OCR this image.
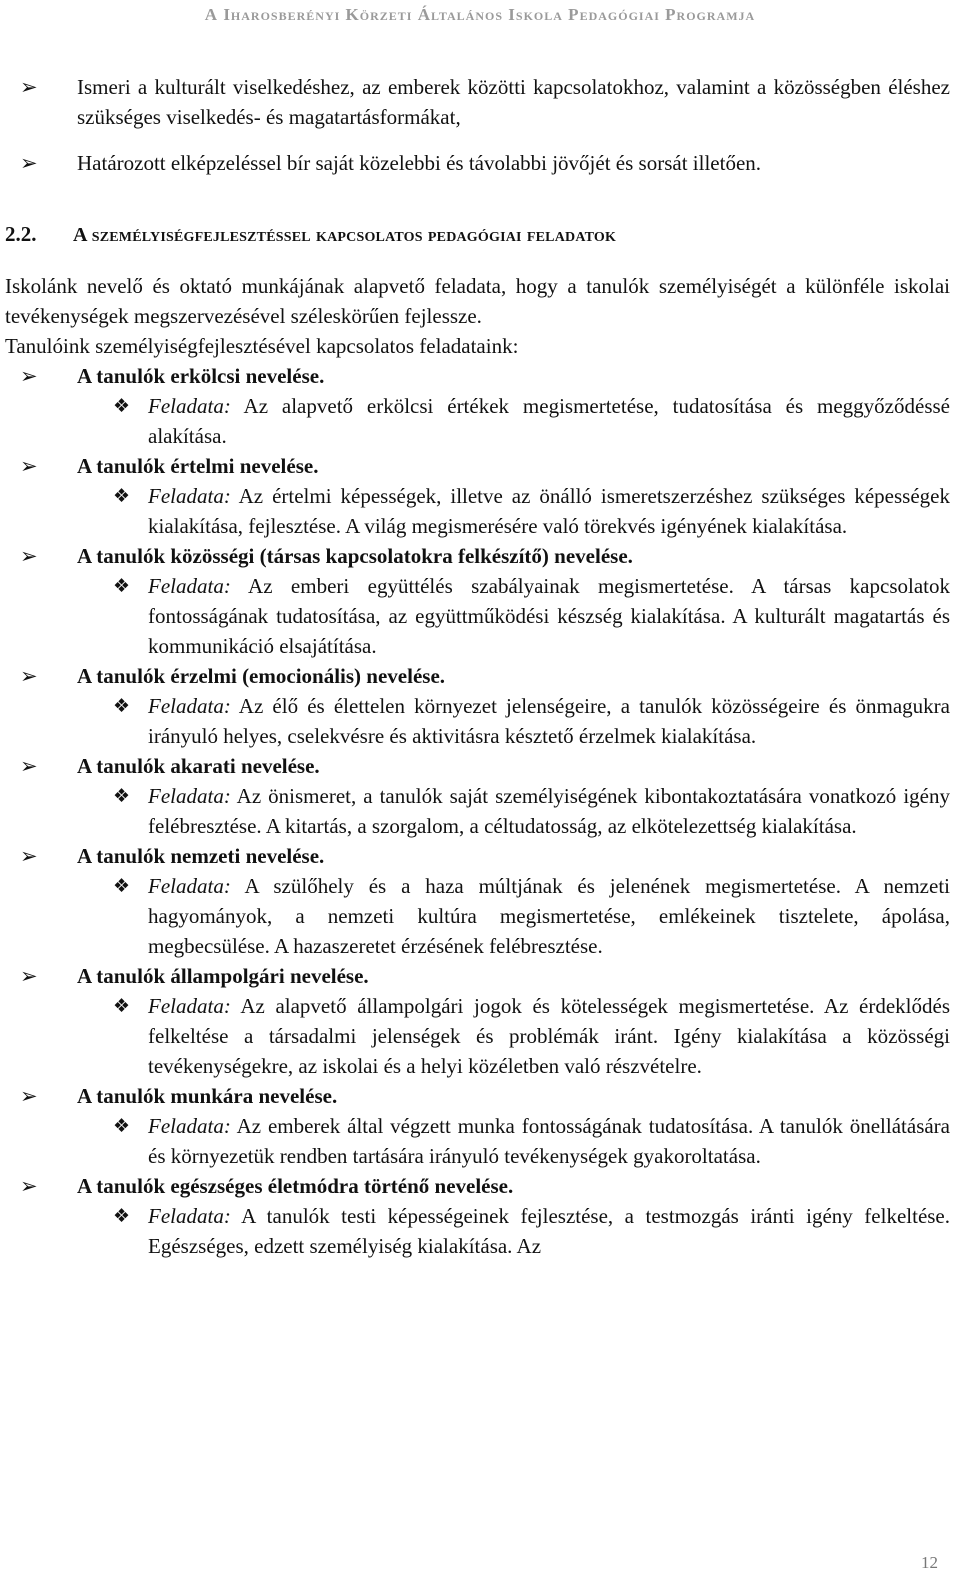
A Iharosberényi Körzeti Általános Iskola Pedagógiai Programja
➢ Ismeri a kulturált viselkedéshez, az emberek közötti kapcsolatokhoz, valamint a közösségben éléshez szükséges viselkedés- és magatartásformákat,
➢ Határozott elképzeléssel bír saját közelebbi és távolabbi jövőjét és sorsát illetően.
2.2.	A személyiségfejlesztéssel kapcsolatos pedagógiai feladatok
Iskolánk nevelő és oktató munkájának alapvető feladata, hogy a tanulók személyiségét a különféle iskolai tevékenységek megszervezésével széleskörűen fejlessze.
Tanulóink személyiségfejlesztésével kapcsolatos feladataink:
➢ A tanulók erkölcsi nevelése.
❖ Feladata: Az alapvető erkölcsi értékek megismertetése, tudatosítása és meggyőződéssé alakítása.
➢ A tanulók értelmi nevelése.
❖ Feladata: Az értelmi képességek, illetve az önálló ismeretszerzéshez szükséges képességek kialakítása, fejlesztése. A világ megismerésére való törekvés igényének kialakítása.
➢ A tanulók közösségi (társas kapcsolatokra felkészítő) nevelése.
❖ Feladata: Az emberi együttélés szabályainak megismertetése. A társas kapcsolatok fontosságának tudatosítása, az együttműködési készség kialakítása. A kulturált magatartás és kommunikáció elsajátítása.
➢ A tanulók érzelmi (emocionális) nevelése.
❖ Feladata: Az élő és élettelen környezet jelenségeire, a tanulók közösségeire és önmagukra irányuló helyes, cselekvésre és aktivitásra késztető érzelmek kialakítása.
➢ A tanulók akarati nevelése.
❖ Feladata: Az önismeret, a tanulók saját személyiségének kibontakoztatására vonatkozó igény felébresztése. A kitartás, a szorgalom, a céltudatosság, az elkötelezettség kialakítása.
➢ A tanulók nemzeti nevelése.
❖ Feladata: A szülőhely és a haza múltjának és jelenének megismertetése. A nemzeti hagyományok, a nemzeti kultúra megismertetése, emlékeinek tisztelete, ápolása, megbecsülése. A hazaszeretet érzésének felébresztése.
➢ A tanulók állampolgári nevelése.
❖ Feladata: Az alapvető állampolgári jogok és kötelességek megismertetése. Az érdeklődés felkeltése a társadalmi jelenségek és problémák iránt. Igény kialakítása a közösségi tevékenységekre, az iskolai és a helyi közéletben való részvételre.
➢ A tanulók munkára nevelése.
❖ Feladata: Az emberek által végzett munka fontosságának tudatosítása. A tanulók önellátására és környezetük rendben tartására irányuló tevékenységek gyakoroltatása.
➢ A tanulók egészséges életmódra történő nevelése.
❖ Feladata: A tanulók testi képességeinek fejlesztése, a testmozgás iránti igény felkeltése. Egészséges, edzett személyiség kialakítása. Az
12
